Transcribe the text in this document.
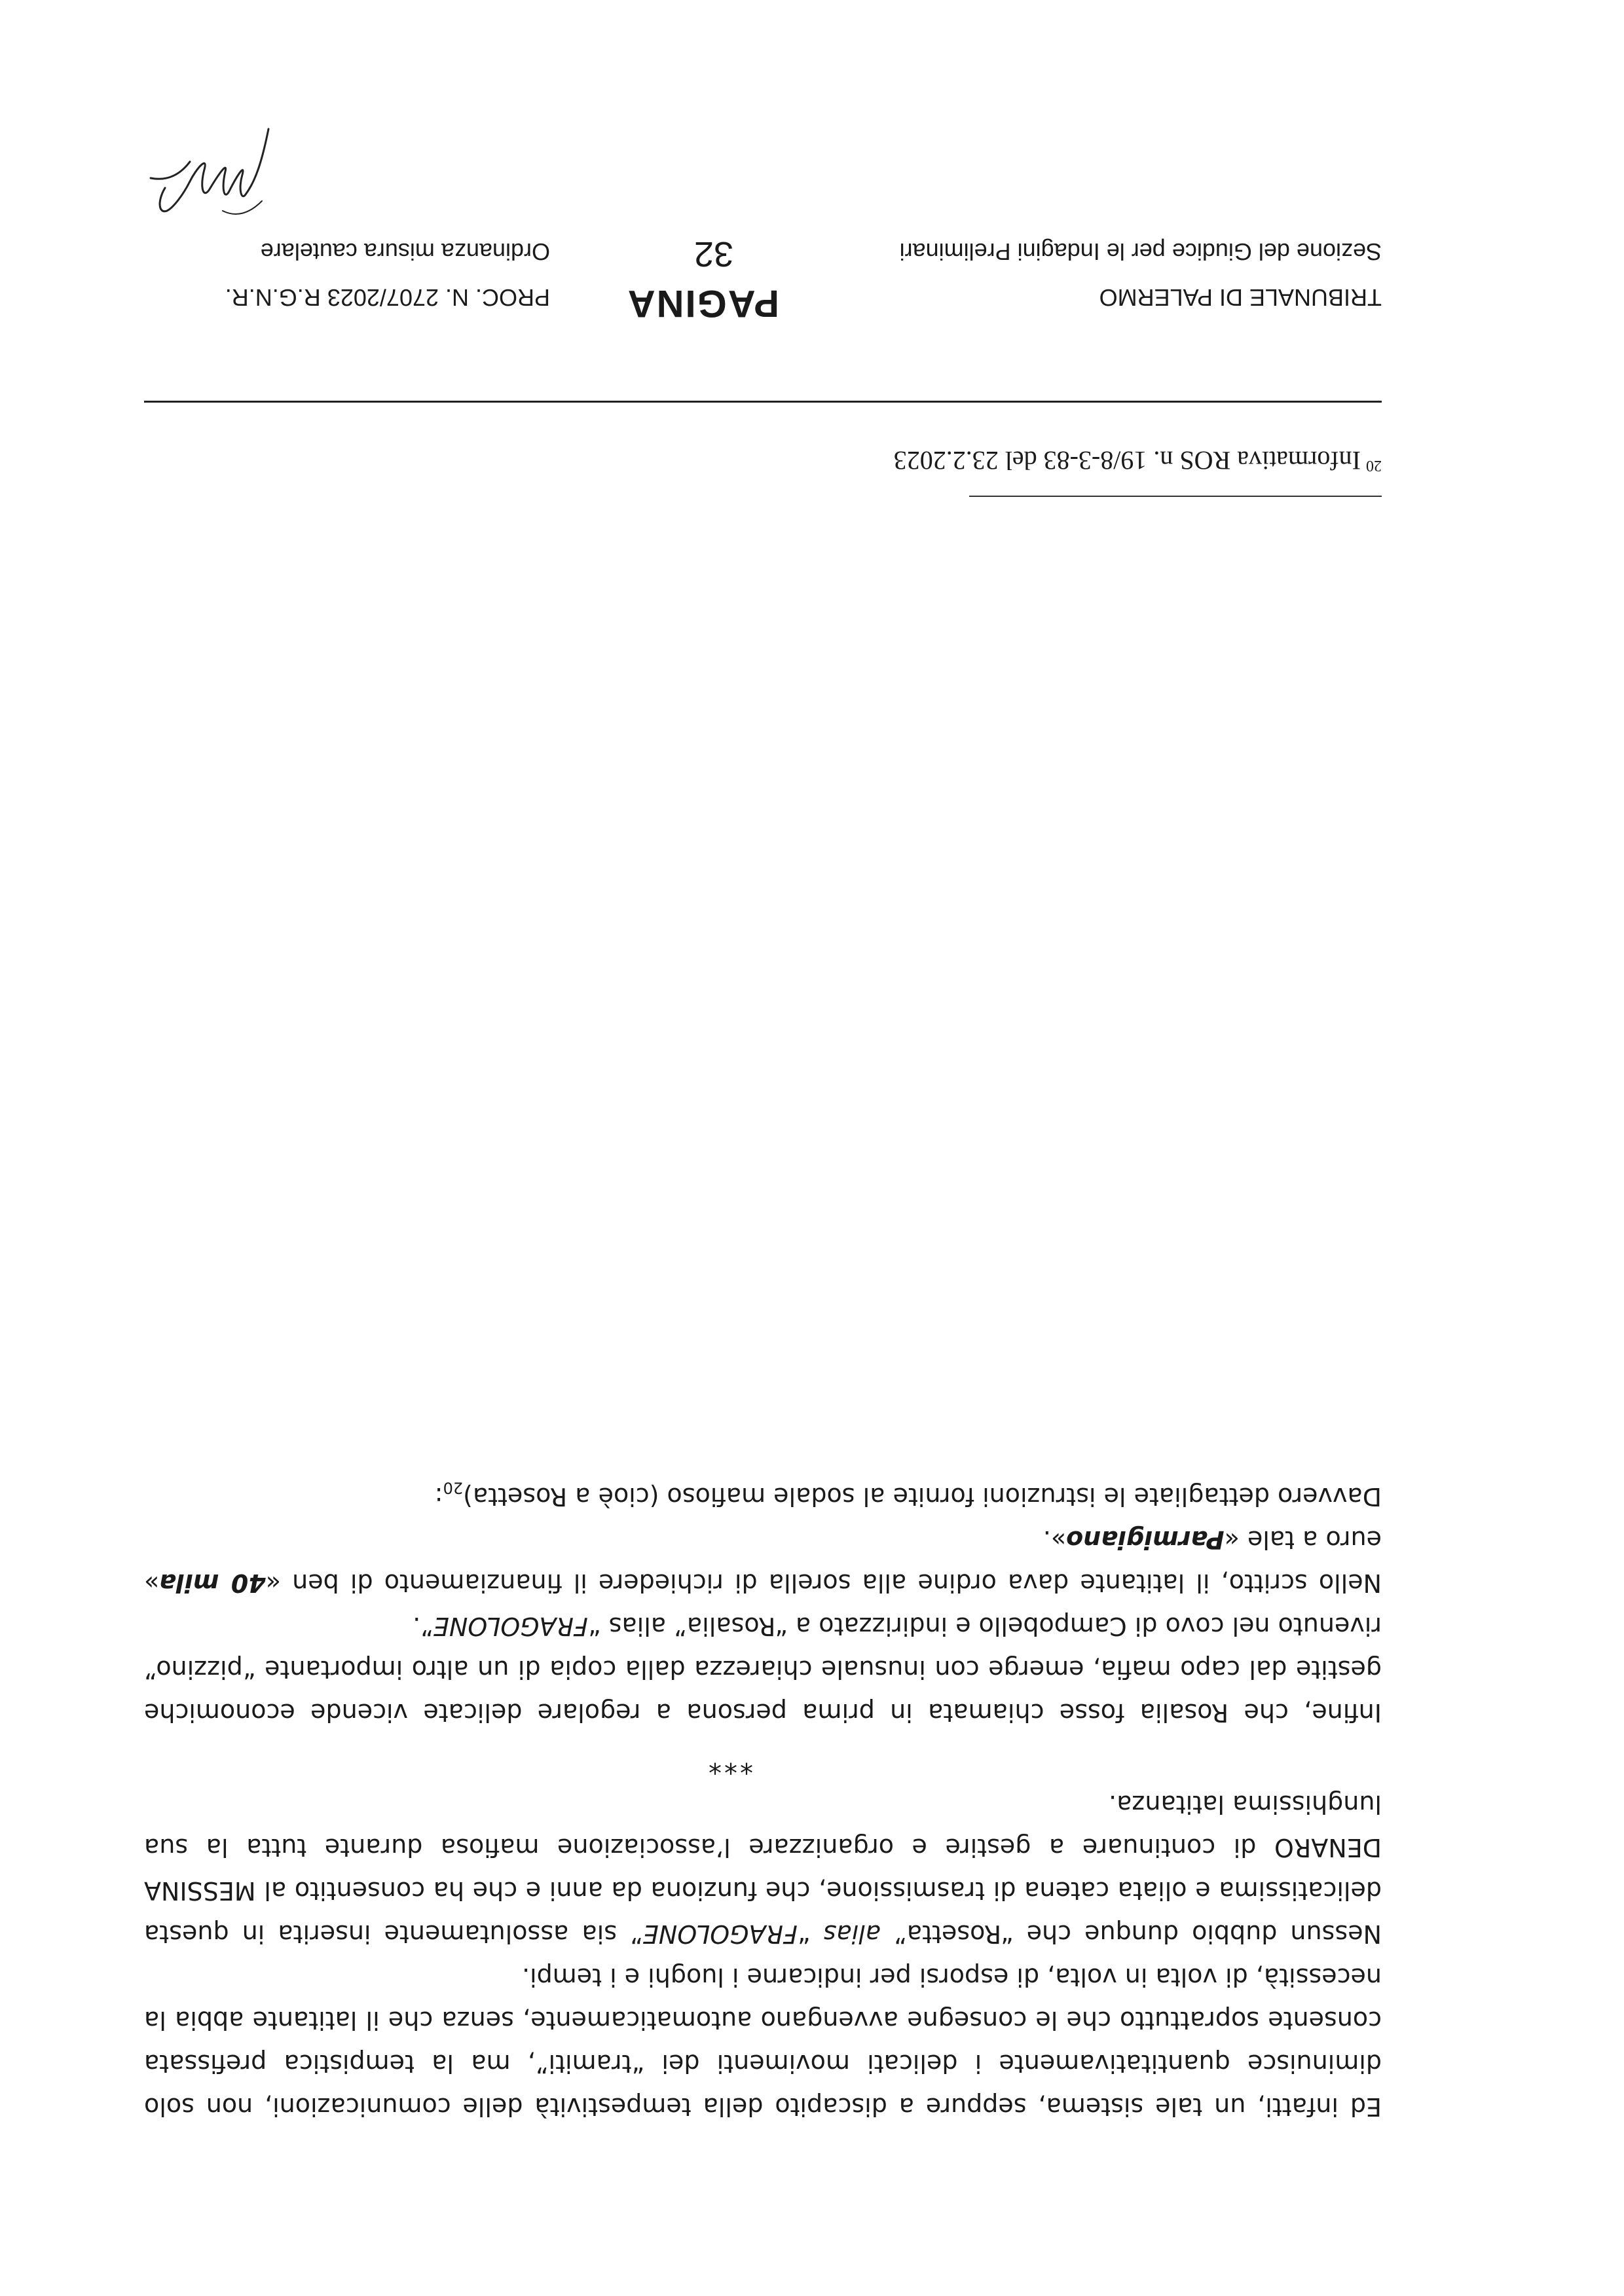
Ed infatti, un tale sistema, seppure a discapito della tempestività delle comunicazioni, non solo diminuisce quantitativamente i delicati movimenti dei “tramiti”, ma la tempistica prefissata consente soprattutto che le consegne avvengano automaticamente, senza che il latitante abbia la necessità, di volta in volta, di esporsi per indicarne i luoghi e i tempi.

Nessun dubbio dunque che “Rosetta” alias “FRAGOLONE” sia assolutamente inserita in questa delicatissima e oliata catena di trasmissione, che funziona da anni e che ha consentito al MESSINA DENARO di continuare a gestire e organizzare l’associazione mafiosa durante tutta la sua lunghissima latitanza.

***

Infine, che Rosalia fosse chiamata in prima persona a regolare delicate vicende economiche gestite dal capo mafia, emerge con inusuale chiarezza dalla copia di un altro importante “pizzino” rivenuto nel covo di Campobello e indirizzato a “Rosalia” alias “FRAGOLONE”.

Nello scritto, il latitante dava ordine alla sorella di richiedere il finanziamento di ben «40 mila» euro a tale «Parmigiano».

Davvero dettagliate le istruzioni fornite al sodale mafioso (cioè a $Rosetta)_{20}$:

$^{20}$Informativa ROS n. 19/8-3-83 del 23.2.2023
TRIBUNALE DI PALERMO
Sezione del Giudice per le Indagini Preliminari
PAGINA
32
PROC. N. 2707/2023 R.G.N.R.
Ordinanza misura cautelare
